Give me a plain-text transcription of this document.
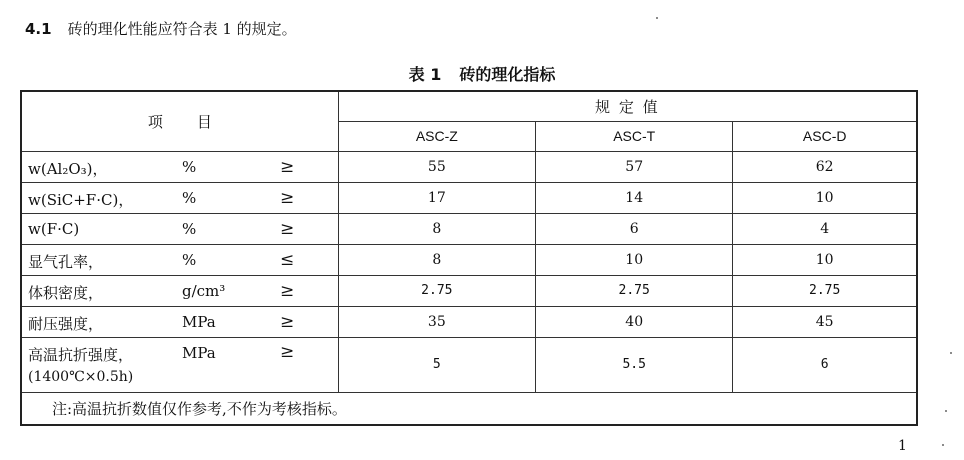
4.1 砖的理化性能应符合表 1 的规定。
表 1 砖的理化指标
项目	规 定 值		
	ASC-Z	ASC-T	ASC-D

w(Al₂O₃)， % ≥	55	57	62

w(SiC+F·C)， % ≥	17	14	10

w(F·C) % ≥	8	6	4

显气孔率， % ≤	8	10	10

体积密度， g/cm³ ≥	2.75	2.75	2.75

耐压强度， MPa ≥	35	40	45

高温抗折强度， MPa ≥
(1400℃×0.5h)	5	5.5	6
注:高温抗折数值仅作参考,不作为考核指标。			
1
